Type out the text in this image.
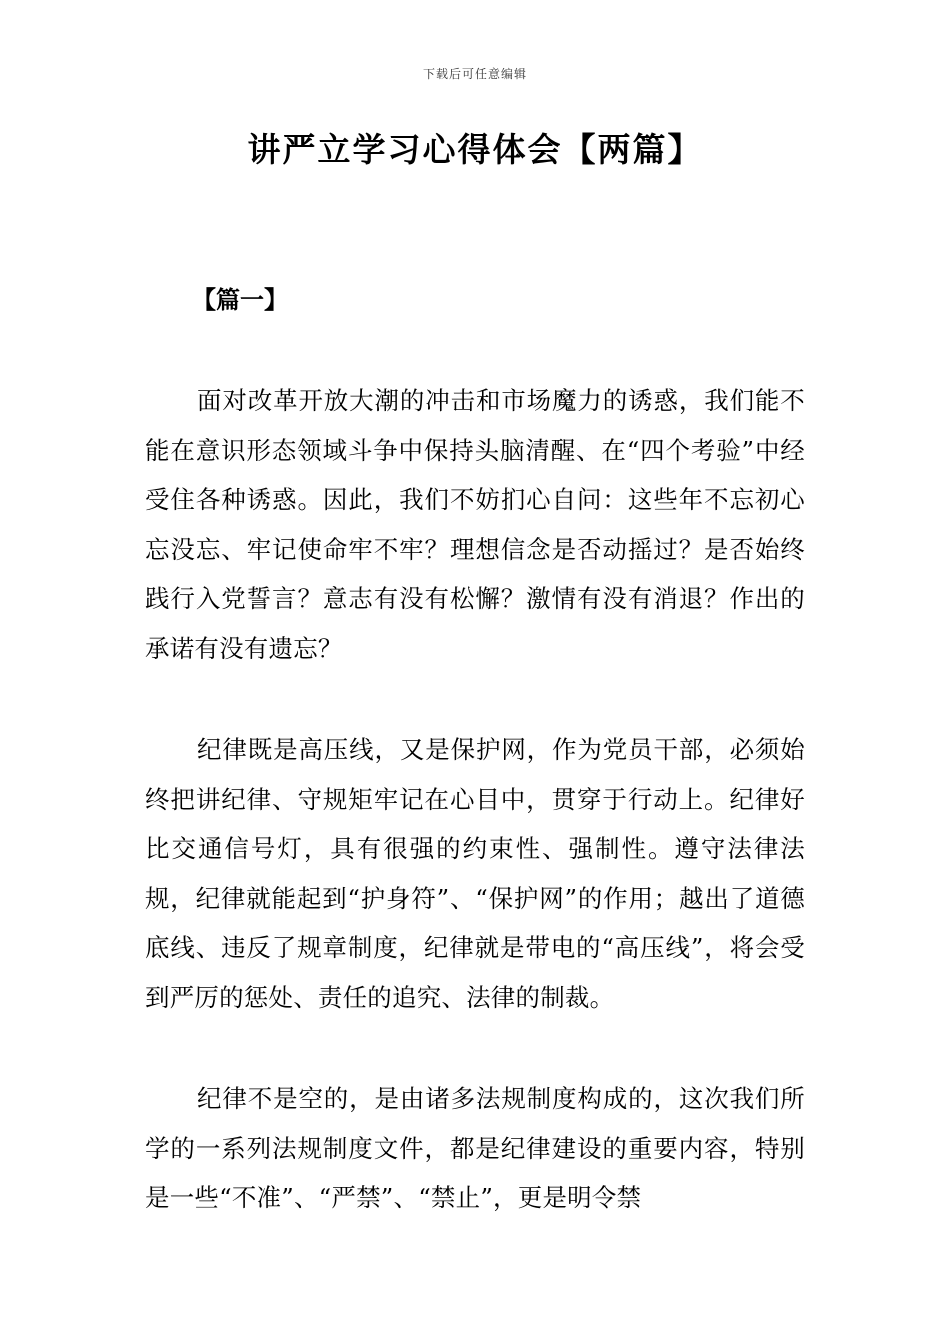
下载后可任意编辑
讲严立学习心得体会【两篇】
【篇一】

面对改革开放大潮的冲击和市场魔力的诱惑，我们能不能在意识形态领域斗争中保持头脑清醒、在“四个考验”中经受住各种诱惑。因此，我们不妨扪心自问：这些年不忘初心忘没忘、牢记使命牢不牢？理想信念是否动摇过？是否始终践行入党誓言？意志有没有松懈？激情有没有消退？作出的承诺有没有遗忘？

纪律既是高压线，又是保护网，作为党员干部，必须始终把讲纪律、守规矩牢记在心目中，贯穿于行动上。纪律好比交通信号灯，具有很强的约束性、强制性。遵守法律法规，纪律就能起到“护身符”、“保护网”的作用；越出了道德底线、违反了规章制度，纪律就是带电的“高压线”，将会受到严厉的惩处、责任的追究、法律的制裁。

纪律不是空的，是由诸多法规制度构成的，这次我们所学的一系列法规制度文件，都是纪律建设的重要内容，特别是一些“不准”、“严禁”、“禁止”，更是明令禁
